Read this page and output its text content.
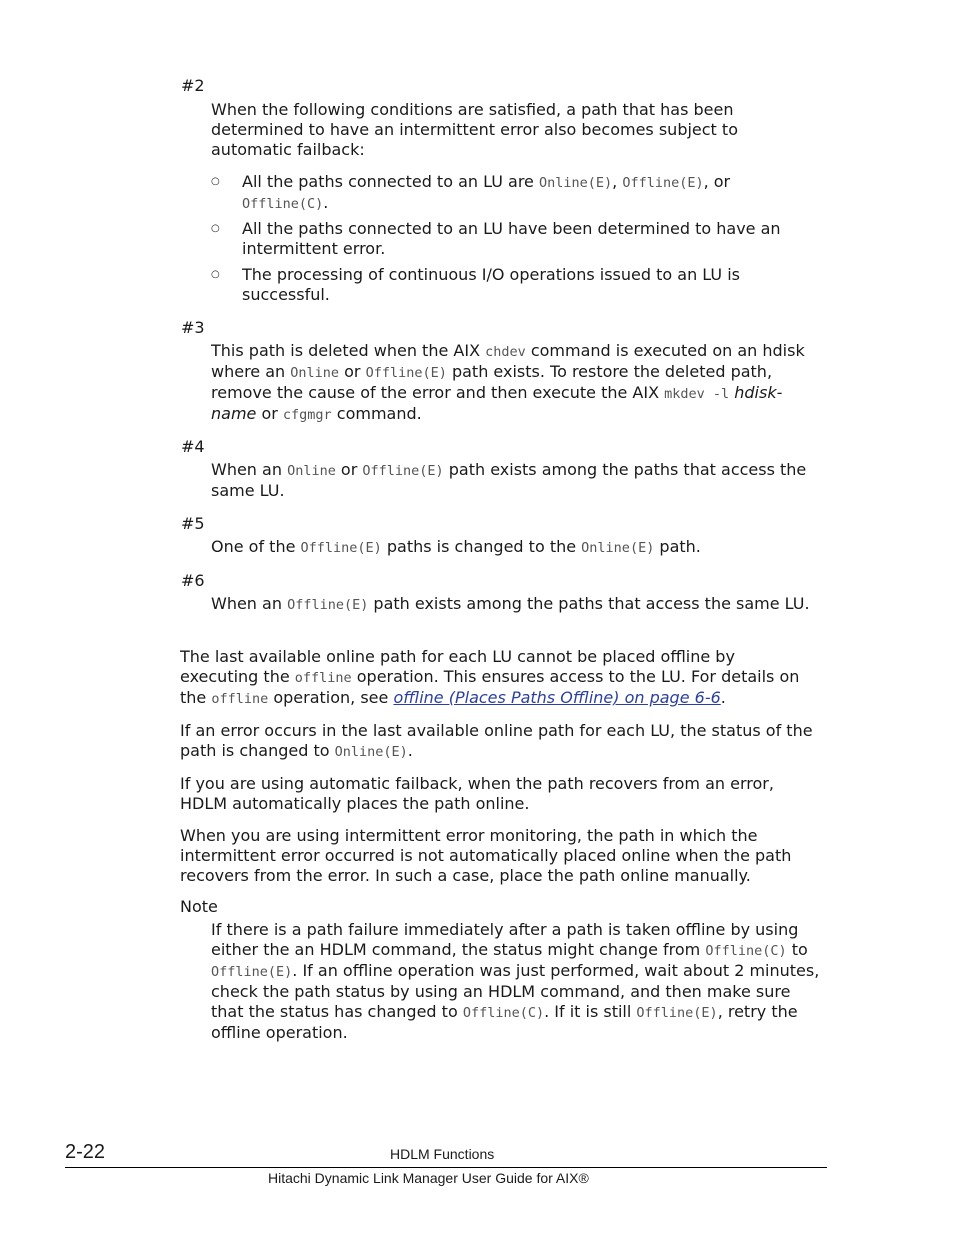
#2

When the following conditions are satisfied, a path that has been determined to have an intermittent error also becomes subject to automatic failback:

○ All the paths connected to an LU are Online(E), Offline(E), or
Offline(C).
○ All the paths connected to an LU have been determined to have an intermittent error.
○ The processing of continuous I/O operations issued to an LU is successful.
#3

This path is deleted when the AIX chdev command is executed on an hdisk where an Online or Offline(E) path exists. To restore the deleted path, remove the cause of the error and then execute the AIX mkdev -l hdisk-name or cfgmgr command.

#4

When an Online or Offline(E) path exists among the paths that access the same LU.

#5

One of the Offline(E) paths is changed to the Online(E) path.

#6

When an Offline(E) path exists among the paths that access the same LU.

The last available online path for each LU cannot be placed offline by executing the offline operation. This ensures access to the LU. For details on the offline operation, see offline (Places Paths Offline) on page 6-6.

If an error occurs in the last available online path for each LU, the status of the path is changed to Online(E).

If you are using automatic failback, when the path recovers from an error, HDLM automatically places the path online.

When you are using intermittent error monitoring, the path in which the intermittent error occurred is not automatically placed online when the path recovers from the error. In such a case, place the path online manually.

Note

If there is a path failure immediately after a path is taken offline by using either the an HDLM command, the status might change from Offline(C) to Offline(E). If an offline operation was just performed, wait about 2 minutes, check the path status by using an HDLM command, and then make sure that the status has changed to Offline(C). If it is still Offline(E), retry the offline operation.

2-22	HDLM Functions
Hitachi Dynamic Link Manager User Guide for AIX®
